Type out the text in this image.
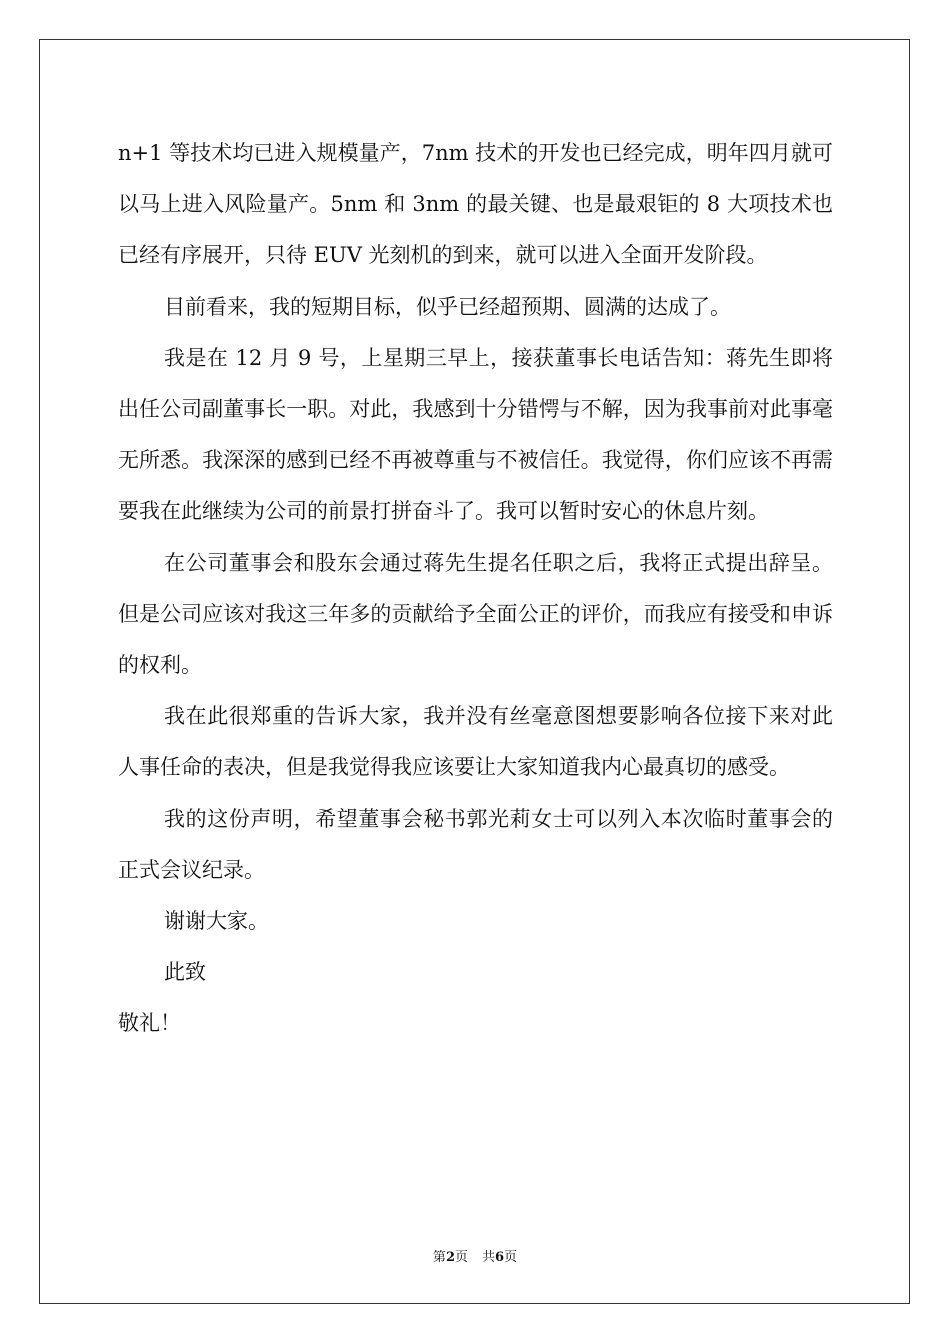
n+1 等技术均已进入规模量产，7nm 技术的开发也已经完成，明年四月就可以马上进入风险量产。5nm 和 3nm 的最关键、也是最艰钜的 8 大项技术也已经有序展开，只待 EUV 光刻机的到来，就可以进入全面开发阶段。

目前看来，我的短期目标，似乎已经超预期、圆满的达成了。

我是在 12 月 9 号，上星期三早上，接获董事长电话告知：蒋先生即将出任公司副董事长一职。对此，我感到十分错愕与不解，因为我事前对此事毫无所悉。我深深的感到已经不再被尊重与不被信任。我觉得，你们应该不再需要我在此继续为公司的前景打拼奋斗了。我可以暂时安心的休息片刻。

在公司董事会和股东会通过蒋先生提名任职之后，我将正式提出辞呈。但是公司应该对我这三年多的贡献给予全面公正的评价，而我应有接受和申诉的权利。

我在此很郑重的告诉大家，我并没有丝毫意图想要影响各位接下来对此人事任命的表决，但是我觉得我应该要让大家知道我内心最真切的感受。

我的这份声明，希望董事会秘书郭光莉女士可以列入本次临时董事会的正式会议纪录。

谢谢大家。

此致

敬礼！

第2页 共6页
